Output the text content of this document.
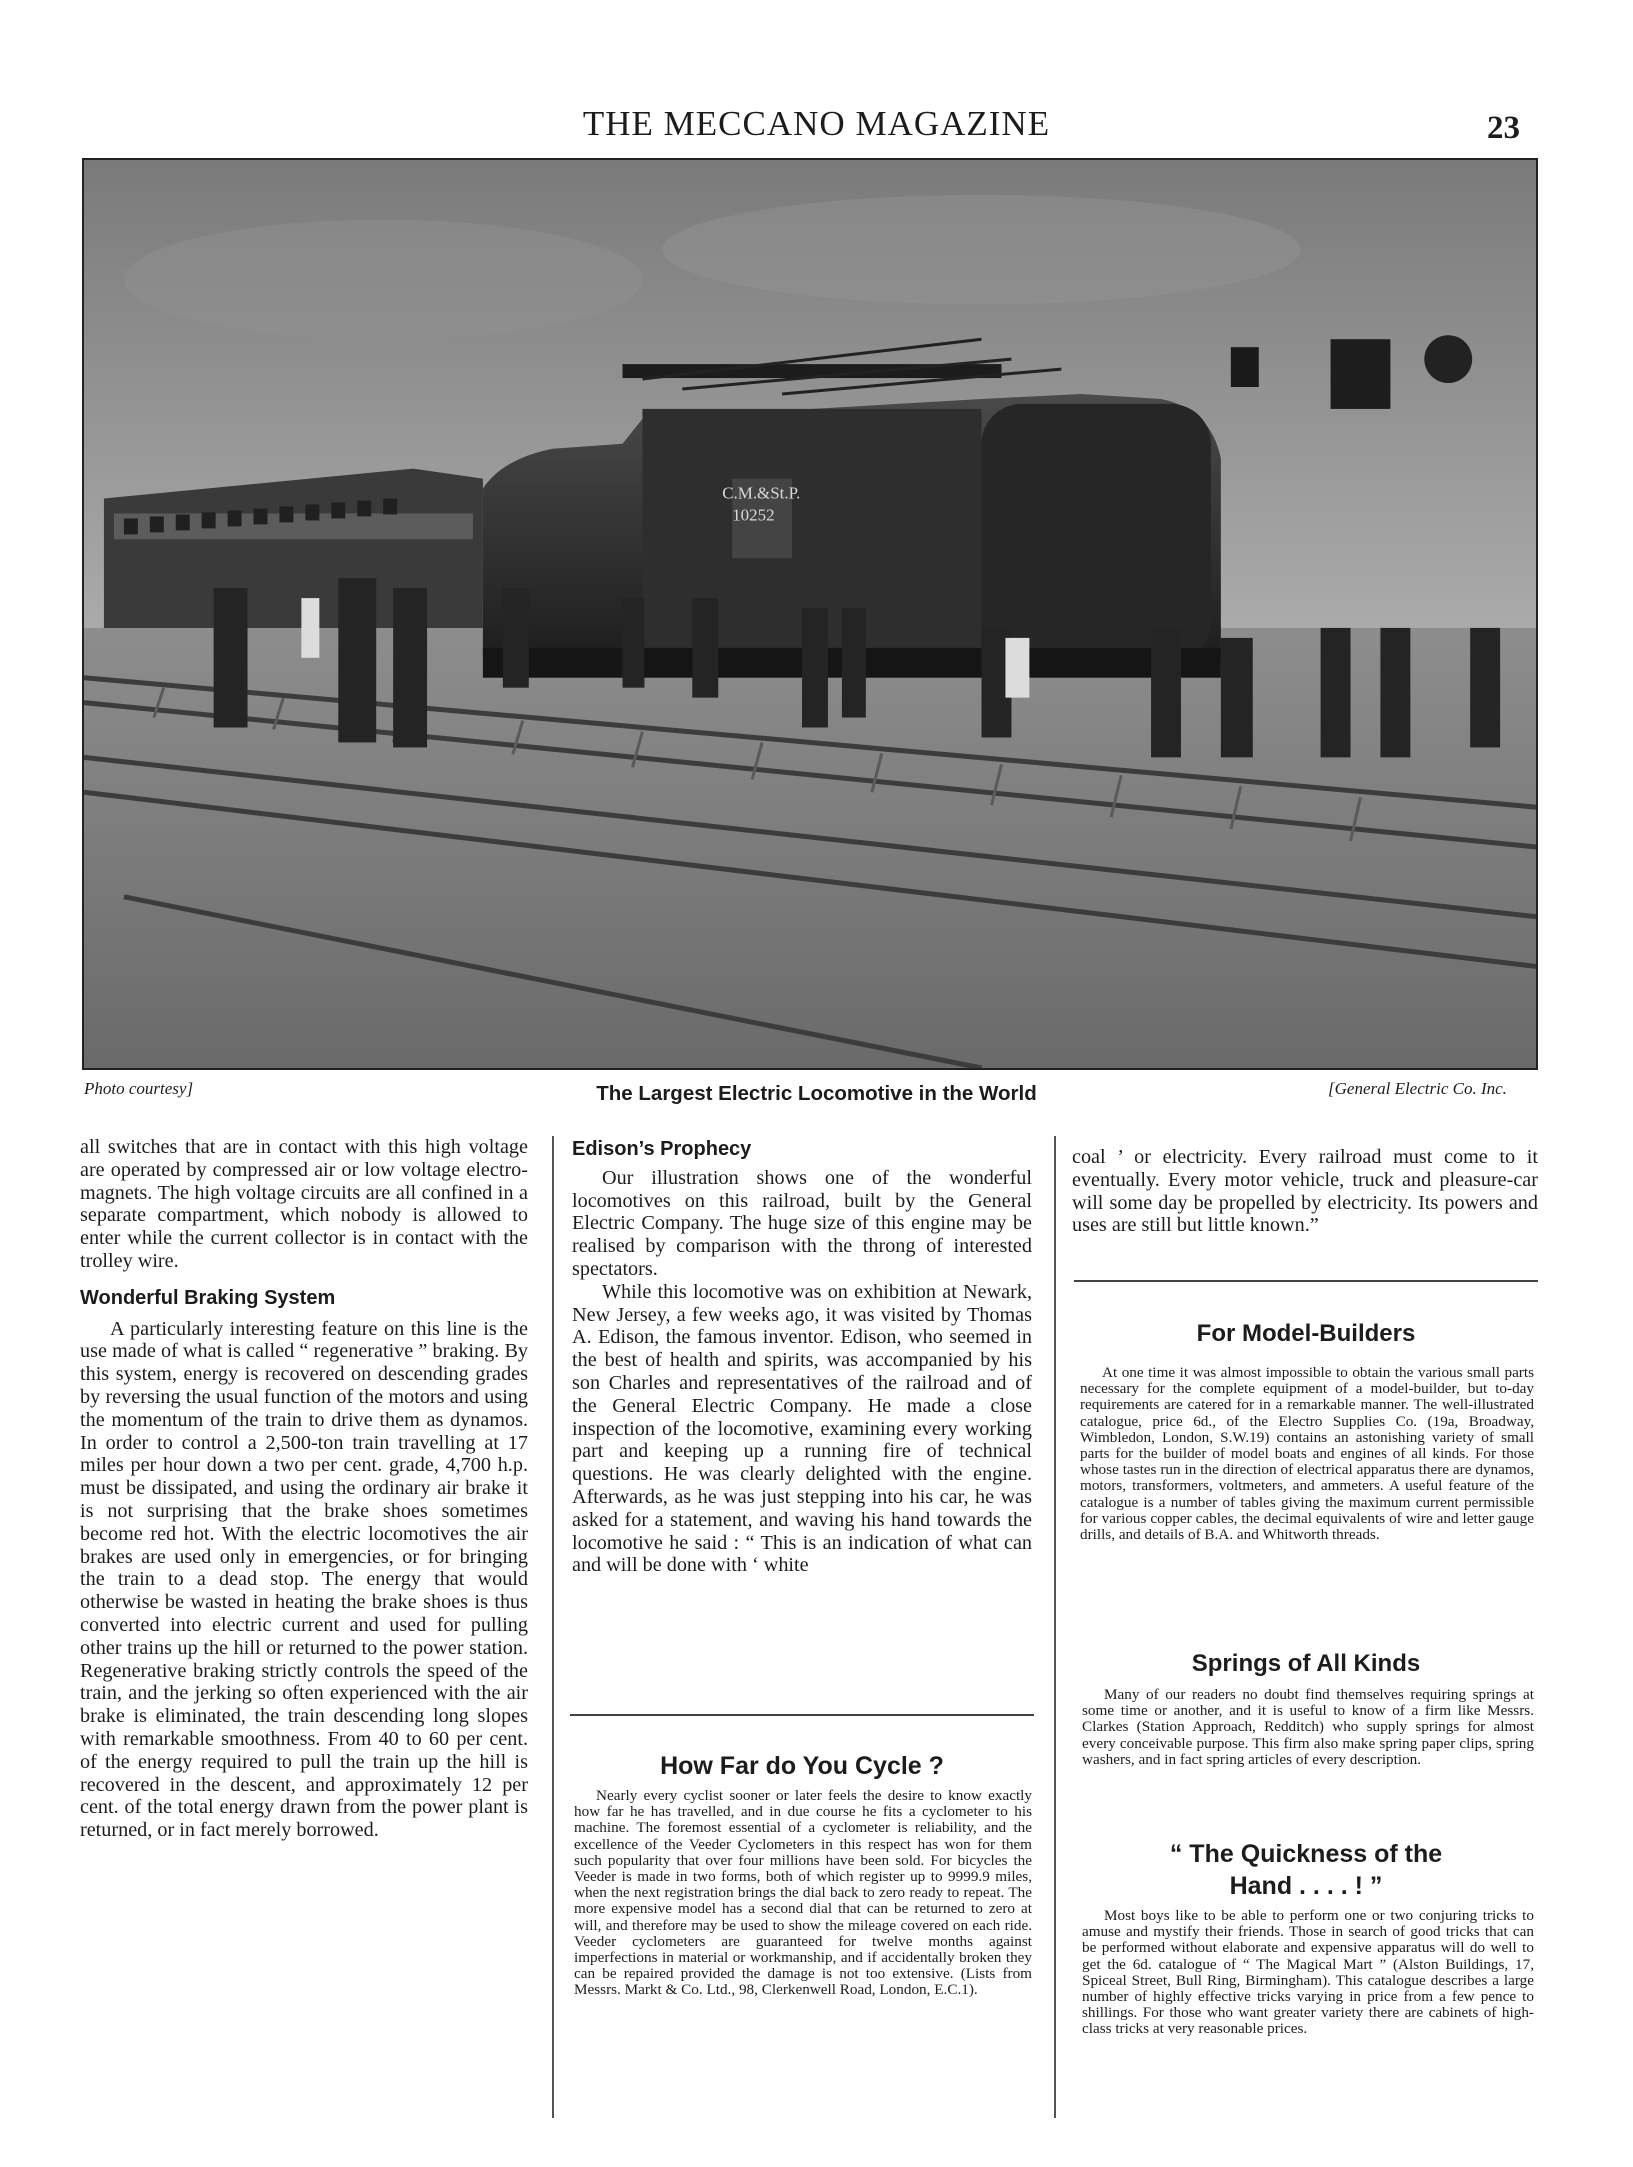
THE MECCANO MAGAZINE	23
C.M.&St.P.
10252
Photo courtesy]	The Largest Electric Locomotive in the World	[General Electric Co. Inc.

all switches that are in contact with this high voltage are operated by compressed air or low voltage electro-magnets. The high voltage circuits are all confined in a separate compartment, which nobody is allowed to enter while the current collector is in contact with the trolley wire.

Wonderful Braking System

A particularly interesting feature on this line is the use made of what is called “ regenerative ” braking. By this system, energy is recovered on descending grades by reversing the usual function of the motors and using the momentum of the train to drive them as dynamos. In order to control a 2,500-ton train travelling at 17 miles per hour down a two per cent. grade, 4,700 h.p. must be dissipated, and using the ordinary air brake it is not surprising that the brake shoes sometimes become red hot. With the electric locomotives the air brakes are used only in emergencies, or for bringing the train to a dead stop. The energy that would otherwise be wasted in heating the brake shoes is thus converted into electric current and used for pulling other trains up the hill or returned to the power station. Regenerative braking strictly controls the speed of the train, and the jerking so often experienced with the air brake is eliminated, the train descending long slopes with remarkable smoothness. From 40 to 60 per cent. of the energy required to pull the train up the hill is recovered in the descent, and approximately 12 per cent. of the total energy drawn from the power plant is returned, or in fact merely borrowed.

Edison’s Prophecy

Our illustration shows one of the wonderful locomotives on this railroad, built by the General Electric Company. The huge size of this engine may be realised by comparison with the throng of interested spectators.

While this locomotive was on exhibition at Newark, New Jersey, a few weeks ago, it was visited by Thomas A. Edison, the famous inventor. Edison, who seemed in the best of health and spirits, was accompanied by his son Charles and representatives of the railroad and of the General Electric Company. He made a close inspection of the locomotive, examining every working part and keeping up a running fire of technical questions. He was clearly delighted with the engine. Afterwards, as he was just stepping into his car, he was asked for a statement, and waving his hand towards the locomotive he said : “ This is an indication of what can and will be done with ‘ white

coal ’ or electricity. Every railroad must come to it eventually. Every motor vehicle, truck and pleasure-car will some day be propelled by electricity. Its powers and uses are still but little known.”

How Far do You Cycle ?
Nearly every cyclist sooner or later feels the desire to know exactly how far he has travelled, and in due course he fits a cyclometer to his machine. The foremost essential of a cyclometer is reliability, and the excellence of the Veeder Cyclometers in this respect has won for them such popularity that over four millions have been sold. For bicycles the Veeder is made in two forms, both of which register up to 9999.9 miles, when the next registration brings the dial back to zero ready to repeat. The more expensive model has a second dial that can be returned to zero at will, and therefore may be used to show the mileage covered on each ride. Veeder cyclometers are guaranteed for twelve months against imperfections in material or workmanship, and if accidentally broken they can be repaired provided the damage is not too extensive. (Lists from Messrs. Markt & Co. Ltd., 98, Clerkenwell Road, London, E.C.1).
For Model-Builders
At one time it was almost impossible to obtain the various small parts necessary for the complete equipment of a model-builder, but to-day requirements are catered for in a remarkable manner. The well-illustrated catalogue, price 6d., of the Electro Supplies Co. (19a, Broadway, Wimbledon, London, S.W.19) contains an astonishing variety of small parts for the builder of model boats and engines of all kinds. For those whose tastes run in the direction of electrical apparatus there are dynamos, motors, transformers, voltmeters, and ammeters. A useful feature of the catalogue is a number of tables giving the maximum current permissible for various copper cables, the decimal equivalents of wire and letter gauge drills, and details of B.A. and Whitworth threads.
Springs of All Kinds
Many of our readers no doubt find themselves requiring springs at some time or another, and it is useful to know of a firm like Messrs. Clarkes (Station Approach, Redditch) who supply springs for almost every conceivable purpose. This firm also make spring paper clips, spring washers, and in fact spring articles of every description.
“ The Quickness of the
Hand . . . . ! ”
Most boys like to be able to perform one or two conjuring tricks to amuse and mystify their friends. Those in search of good tricks that can be performed without elaborate and expensive apparatus will do well to get the 6d. catalogue of “ The Magical Mart ” (Alston Buildings, 17, Spiceal Street, Bull Ring, Birmingham). This catalogue describes a large number of highly effective tricks varying in price from a few pence to shillings. For those who want greater variety there are cabinets of high-class tricks at very reasonable prices.
